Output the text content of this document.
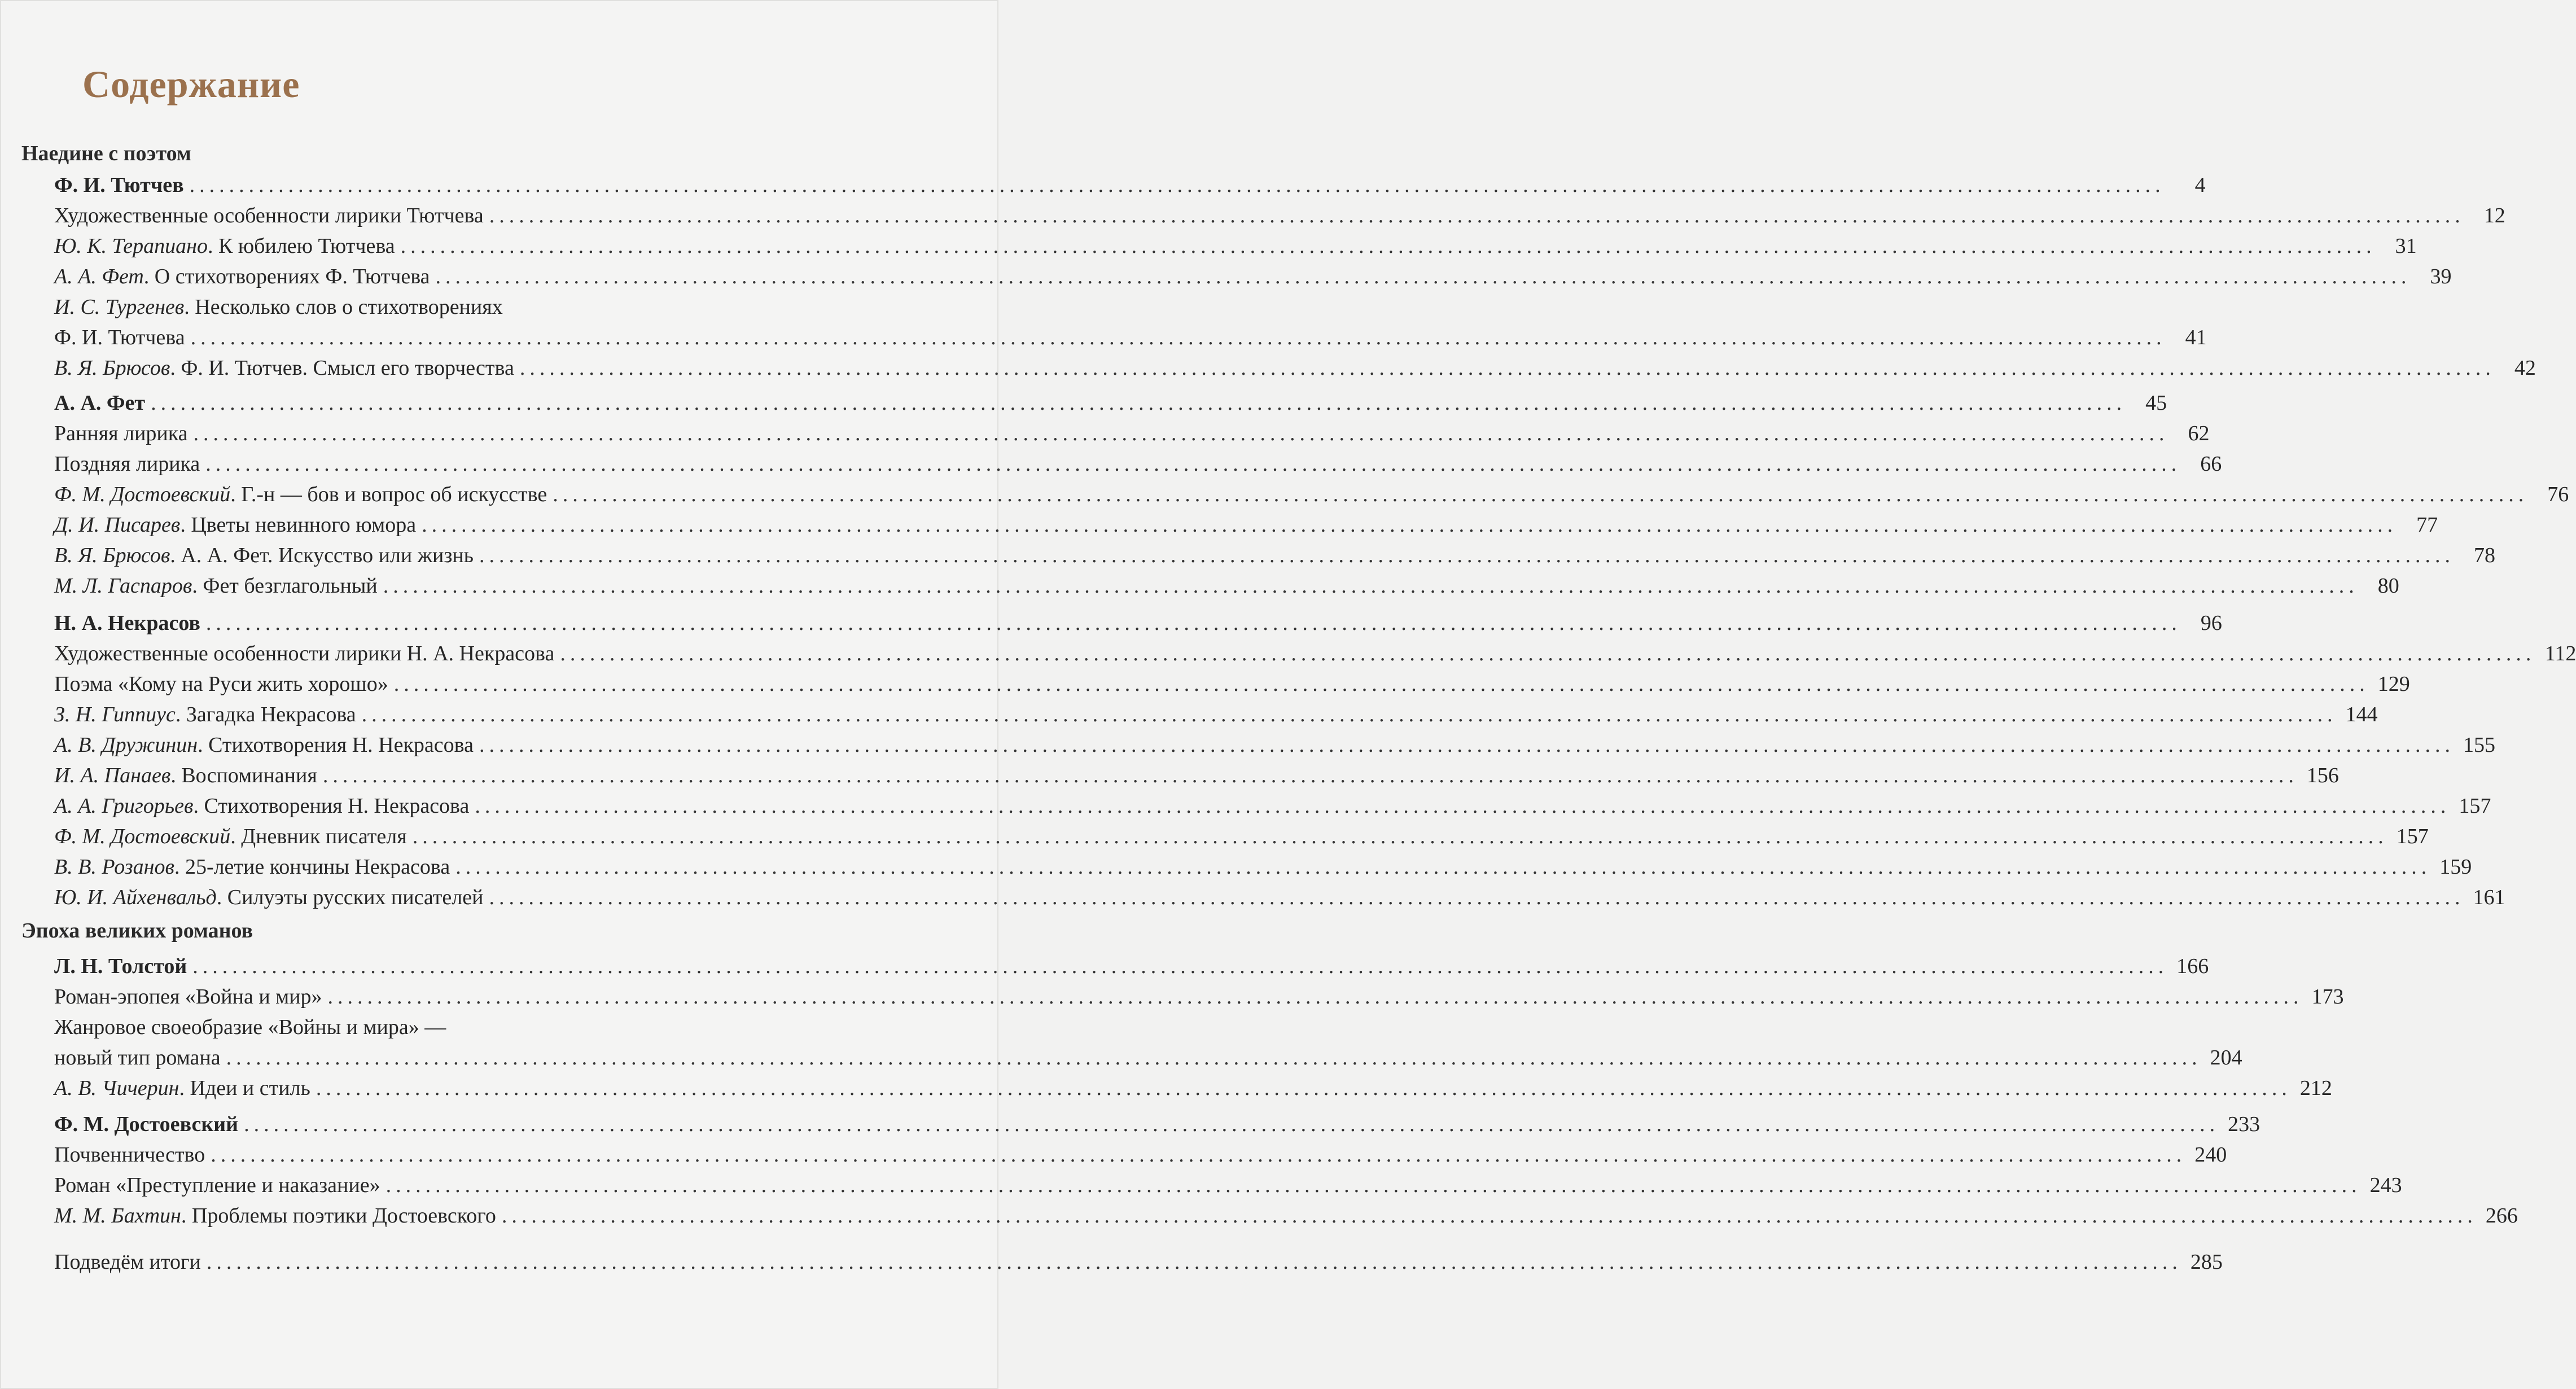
Содержание
Наедине с поэтом
Эпоха великих романов
Ф. И. Тютчев ........................................................................................................................................................................................................	4
Художественные особенности лирики Тютчева ........................................................................................................................................................................................................ 12
Ю. К. Терапиано. К юбилею Тютчева ........................................................................................................................................................................................................ 31
А. А. Фет. О стихотворениях Ф. Тютчева ........................................................................................................................................................................................................ 39
И. С. Тургенев. Несколько слов о стихотворениях
Ф. И. Тютчева ........................................................................................................................................................................................................ 41
В. Я. Брюсов. Ф. И. Тютчев. Смысл его творчества ........................................................................................................................................................................................................ 42
А. А. Фет ........................................................................................................................................................................................................ 45
Ранняя лирика ........................................................................................................................................................................................................ 62
Поздняя лирика ........................................................................................................................................................................................................ 66
Ф. М. Достоевский. Г.-н — бов и вопрос об искусстве ........................................................................................................................................................................................................ 76
Д. И. Писарев. Цветы невинного юмора ........................................................................................................................................................................................................ 77
В. Я. Брюсов. А. А. Фет. Искусство или жизнь ........................................................................................................................................................................................................ 78
М. Л. Гаспаров. Фет безглагольный ........................................................................................................................................................................................................ 80
Н. А. Некрасов ........................................................................................................................................................................................................ 96
Художественные особенности лирики Н. А. Некрасова ........................................................................................................................................................................................................ 112
Поэма «Кому на Руси жить хорошо» ........................................................................................................................................................................................................ 129
З. Н. Гиппиус. Загадка Некрасова ........................................................................................................................................................................................................ 144
А. В. Дружинин. Стихотворения Н. Некрасова ........................................................................................................................................................................................................ 155
И. А. Панаев. Воспоминания ........................................................................................................................................................................................................ 156
А. А. Григорьев. Стихотворения Н. Некрасова ........................................................................................................................................................................................................ 157
Ф. М. Достоевский. Дневник писателя ........................................................................................................................................................................................................ 157
В. В. Розанов. 25-летие кончины Некрасова ........................................................................................................................................................................................................ 159
Ю. И. Айхенвальд. Силуэты русских писателей ........................................................................................................................................................................................................ 161
Л. Н. Толстой ........................................................................................................................................................................................................ 166
Роман-эпопея «Война и мир» ........................................................................................................................................................................................................ 173
Жанровое своеобразие «Войны и мира» —
новый тип романа ........................................................................................................................................................................................................ 204
А. В. Чичерин. Идеи и стиль ........................................................................................................................................................................................................ 212
Ф. М. Достоевский ........................................................................................................................................................................................................ 233
Почвенничество ........................................................................................................................................................................................................ 240
Роман «Преступление и наказание» ........................................................................................................................................................................................................ 243
М. М. Бахтин. Проблемы поэтики Достоевского ........................................................................................................................................................................................................ 266
Подведём итоги ........................................................................................................................................................................................................ 285
